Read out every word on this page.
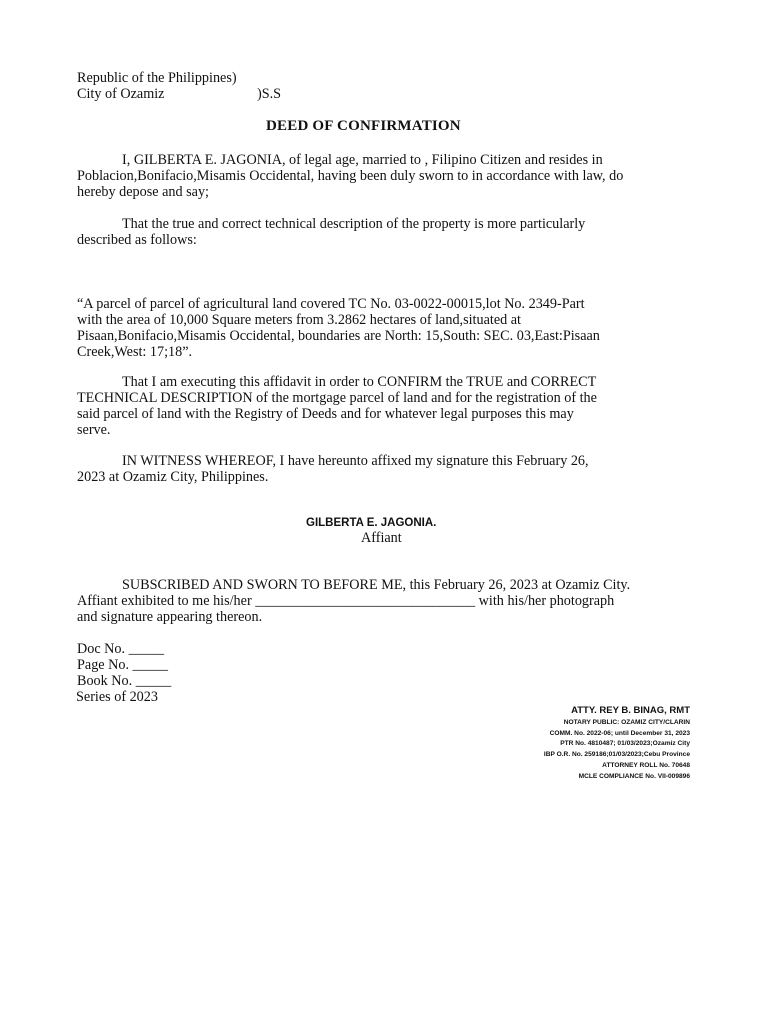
Republic of the Philippines)
City of Ozamiz	)S.S
DEED OF CONFIRMATION
I, GILBERTA E. JAGONIA, of legal age, married to , Filipino Citizen and resides in
Poblacion,Bonifacio,Misamis Occidental, having been duly sworn to in accordance with law, do
hereby depose and say;
That the true and correct technical description of the property is more particularly
described as follows:
“A parcel of parcel of agricultural land covered TC No. 03-0022-00015,lot No. 2349-Part
with the area of 10,000 Square meters from 3.2862 hectares of land,situated at
Pisaan,Bonifacio,Misamis Occidental, boundaries are North: 15,South: SEC. 03,East:Pisaan
Creek,West: 17;18”.
That I am executing this affidavit in order to CONFIRM the TRUE and CORRECT
TECHNICAL DESCRIPTION of the mortgage parcel of land and for the registration of the
said parcel of land with the Registry of Deeds and for whatever legal purposes this may
serve.
IN WITNESS WHEREOF, I have hereunto affixed my signature this February 26,
2023 at Ozamiz City, Philippines.
GILBERTA E. JAGONIA.
Affiant
SUBSCRIBED AND SWORN TO BEFORE ME, this February 26, 2023 at Ozamiz City.
Affiant exhibited to me his/her _______________________________ with his/her photograph
and signature appearing thereon.
Doc No. _____
Page No. _____
Book No. _____
Series of 2023
ATTY. REY B. BINAG, RMT
NOTARY PUBLIC: OZAMIZ CITY/CLARIN
COMM. No. 2022-06; until December 31, 2023
PTR No. 4810487; 01/03/2023;Ozamiz City
IBP O.R. No. 259186;01/03/2023;Cebu Province
ATTORNEY ROLL No. 70648
MCLE COMPLIANCE No. VII-009896
